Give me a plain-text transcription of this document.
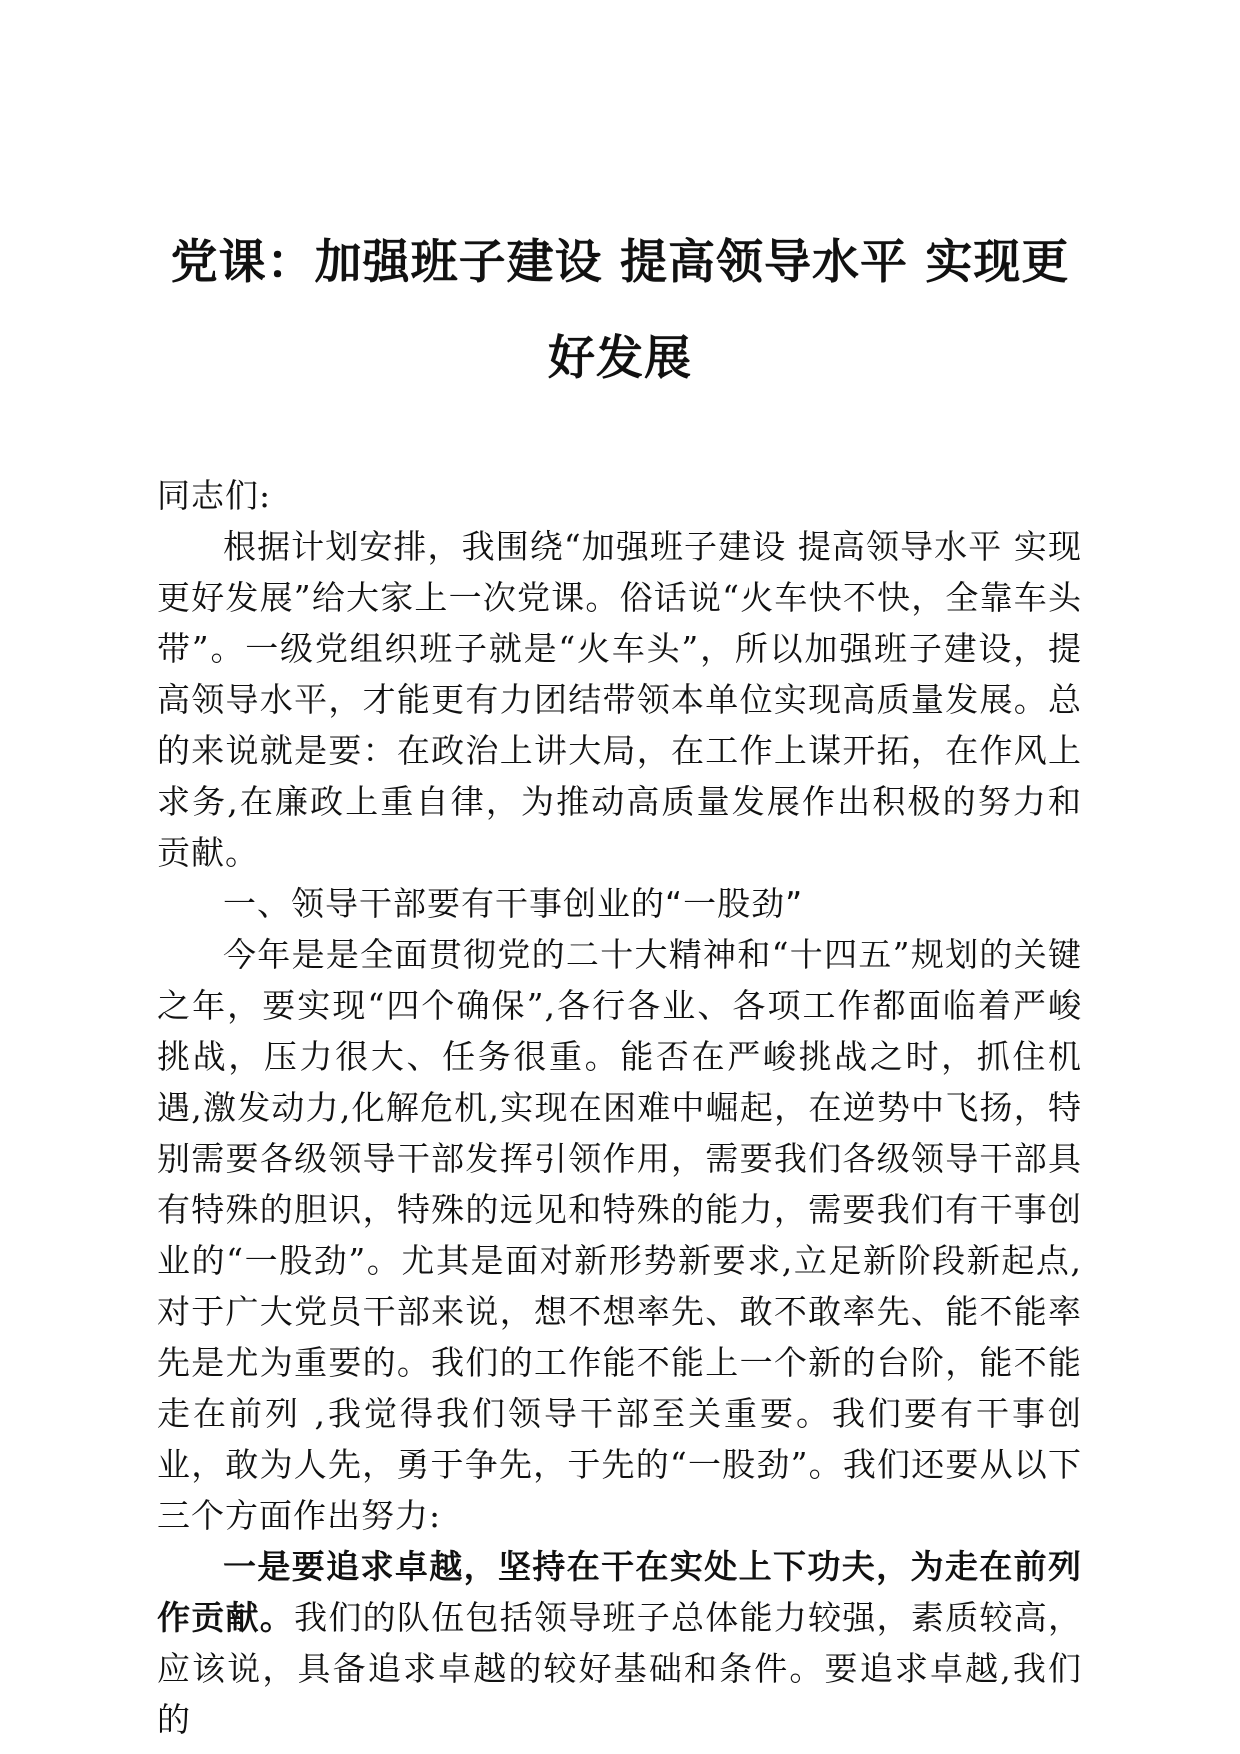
党课：加强班子建设 提高领导水平 实现更好发展

同志们:

根据计划安排，我围绕“加强班子建设 提高领导水平 实现更好发展”给大家上一次党课。俗话说“火车快不快，全靠车头带”。一级党组织班子就是“火车头”，所以加强班子建设，提高领导水平，才能更有力团结带领本单位实现高质量发展。总的来说就是要：在政治上讲大局，在工作上谋开拓，在作风上求务,在廉政上重自律，为推动高质量发展作出积极的努力和贡献。

一、领导干部要有干事创业的“一股劲”

今年是是全面贯彻党的二十大精神和“十四五”规划的关键之年，要实现“四个确保”,各行各业、各项工作都面临着严峻挑战，压力很大、任务很重。能否在严峻挑战之时，抓住机遇,激发动力,化解危机,实现在困难中崛起，在逆势中飞扬，特别需要各级领导干部发挥引领作用，需要我们各级领导干部具有特殊的胆识，特殊的远见和特殊的能力，需要我们有干事创业的“一股劲”。尤其是面对新形势新要求,立足新阶段新起点,对于广大党员干部来说，想不想率先、敢不敢率先、能不能率先是尤为重要的。我们的工作能不能上一个新的台阶，能不能走在前列 ,我觉得我们领导干部至关重要。我们要有干事创业，敢为人先，勇于争先，于先的“一股劲”。我们还要从以下三个方面作出努力:

一是要追求卓越，坚持在干在实处上下功夫，为走在前列作贡献。我们的队伍包括领导班子总体能力较强，素质较高，应该说，具备追求卓越的较好基础和条件。要追求卓越,我们的
